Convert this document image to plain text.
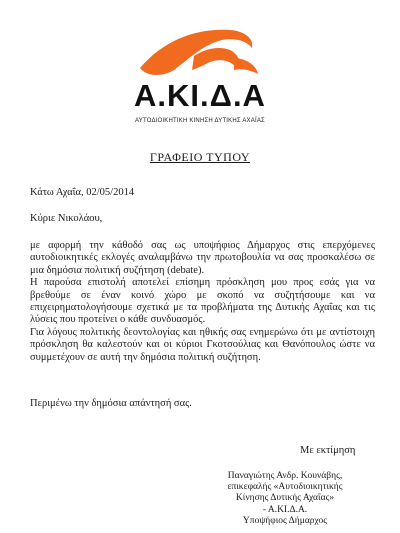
Α.ΚΙ.Δ.Α
ΑΥΤΟΔΙΟΙΚΗΤΙΚΗ ΚΙΝΗΣΗ ΔΥΤΙΚΗΣ ΑΧΑΪΑΣ
ΓΡΑΦΕΙΟ ΤΥΠΟΥ
Κάτω Αχαΐα, 02/05/2014
Κύριε Νικολάου,

με αφορμή την κάθοδό σας ως υποψήφιος Δήμαρχος στις επερχόμενες αυτοδιοικητικές εκλογές αναλαμβάνω την πρωτοβουλία να σας προσκαλέσω σε μια δημόσια πολιτική συζήτηση (debate).

Η παρούσα επιστολή αποτελεί επίσημη πρόσκληση μου προς εσάς για να βρεθούμε σε έναν κοινό χώρο με σκοπό να συζητήσουμε και να επιχειρηματολογήσουμε σχετικά με τα προβλήματα της Δυτικής Αχαΐας και τις λύσεις που προτείνει ο κάθε συνδυασμός.

Για λόγους πολιτικής δεοντολογίας και ηθικής σας ενημερώνω ότι με αντίστοιχη πρόσκληση θα καλεστούν και οι κύριοι Γκοτσούλιας και Θανόπουλος ώστε να συμμετέχουν σε αυτή την δημόσια πολιτική συζήτηση.

Περιμένω την δημόσια απάντησή σας.
Με εκτίμηση
Παναγιώτης Ανδρ. Κουνάβης,
επικεφαλής «Αυτοδιοικητικής
Κίνησης Δυτικής Αχαΐας»
- Α.ΚΙ.Δ.Α.
Υποψήφιος Δήμαρχος
